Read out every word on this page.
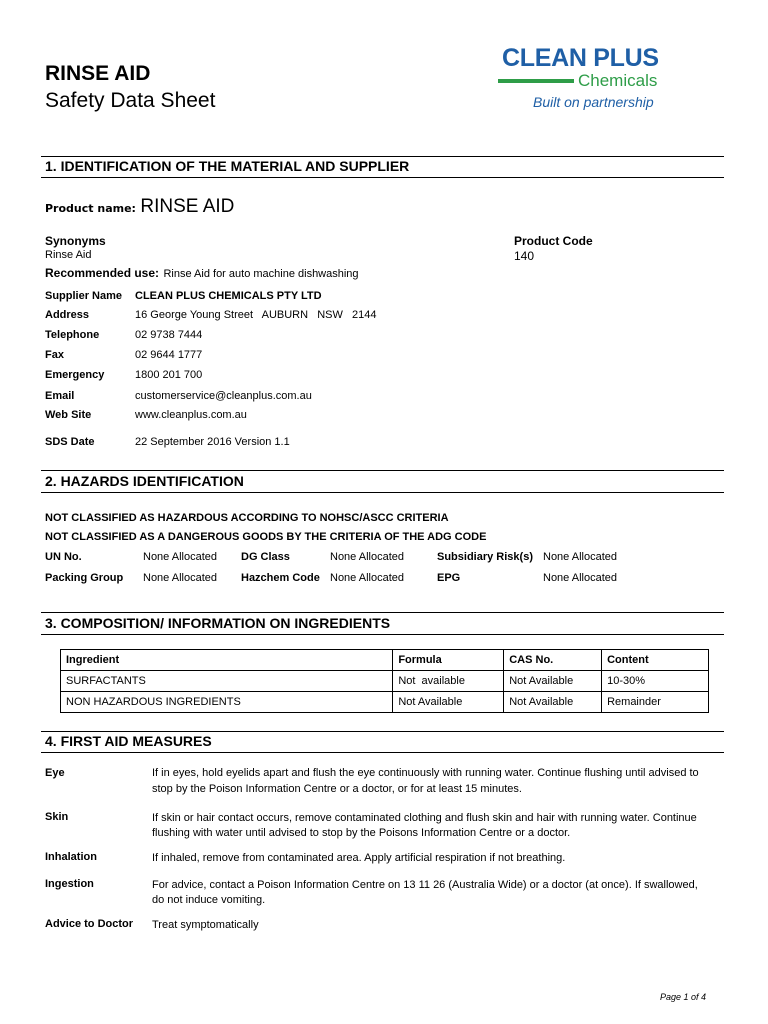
RINSE AID
Safety Data Sheet
CLEAN PLUS
Chemicals
Built on partnership
1. IDENTIFICATION OF THE MATERIAL AND SUPPLIER
Product name: RINSE AID
Synonyms
Rinse Aid
Product Code
140
Recommended use: Rinse Aid for auto machine dishwashing
Supplier Name CLEAN PLUS CHEMICALS PTY LTD
Address	16 George Young Street   AUBURN   NSW   2144
Telephone	02 9738 7444
Fax	02 9644 1777
Emergency	1800 201 700
Email	customerservice@cleanplus.com.au
Web Site	www.cleanplus.com.au
SDS Date	22 September 2016 Version 1.1
2. HAZARDS IDENTIFICATION
NOT CLASSIFIED AS HAZARDOUS ACCORDING TO NOHSC/ASCC CRITERIA
NOT CLASSIFIED AS A DANGEROUS GOODS BY THE CRITERIA OF THE ADG CODE
UN No.	None Allocated DG Class	None Allocated	Subsidiary Risk(s) None Allocated
Packing Group None Allocated Hazchem Code None Allocated	EPG	None Allocated
3. COMPOSITION/ INFORMATION ON INGREDIENTS
Ingredient	Formula	CAS No.	Content
SURFACTANTS	Not  available	Not Available	10-30%
NON HAZARDOUS INGREDIENTS	Not Available	Not Available	Remainder
4. FIRST AID MEASURES
Eye	If in eyes, hold eyelids apart and flush the eye continuously with running water. Continue flushing until advised to
stop by the Poison Information Centre or a doctor, or for at least 15 minutes.
Skin	If skin or hair contact occurs, remove contaminated clothing and flush skin and hair with running water. Continue
flushing with water until advised to stop by the Poisons Information Centre or a doctor.
Inhalation	If inhaled, remove from contaminated area. Apply artificial respiration if not breathing.
Ingestion	For advice, contact a Poison Information Centre on 13 11 26 (Australia Wide) or a doctor (at once). If swallowed,
do not induce vomiting.
Advice to Doctor Treat symptomatically
Page 1 of 4
